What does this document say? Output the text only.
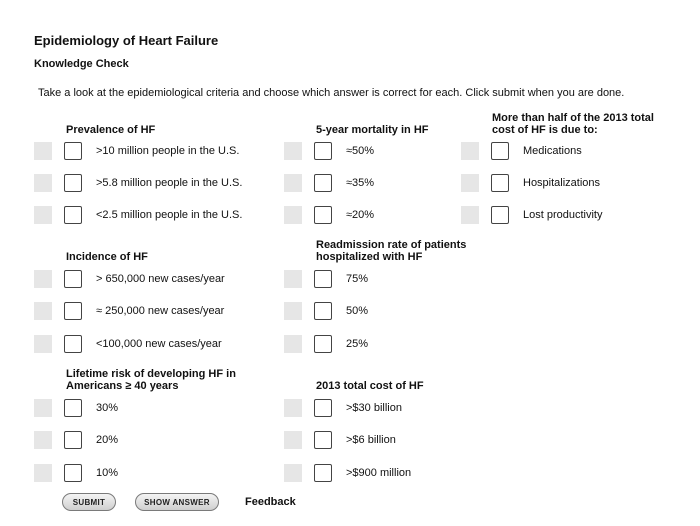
Epidemiology of Heart Failure
Knowledge Check
Take a look at the epidemiological criteria and choose which answer is correct for each. Click submit when you are done.
Prevalence of HF
>10 million people in the U.S.
>5.8 million people in the U.S.
<2.5 million people in the U.S.
5-year mortality in HF
≈50%
≈35%
≈20%
More than half of the 2013 total
cost of HF is due to:
Medications
Hospitalizations
Lost productivity
Incidence of HF
> 650,000 new cases/year
≈ 250,000 new cases/year
<100,000 new cases/year
Readmission rate of patients
hospitalized with HF
75%
50%
25%
Lifetime risk of developing HF in
Americans ≥ 40 years
30%
20%
10%
2013 total cost of HF
>$30 billion
>$6 billion
>$900 million
SUBMIT	SHOW ANSWER	Feedback
